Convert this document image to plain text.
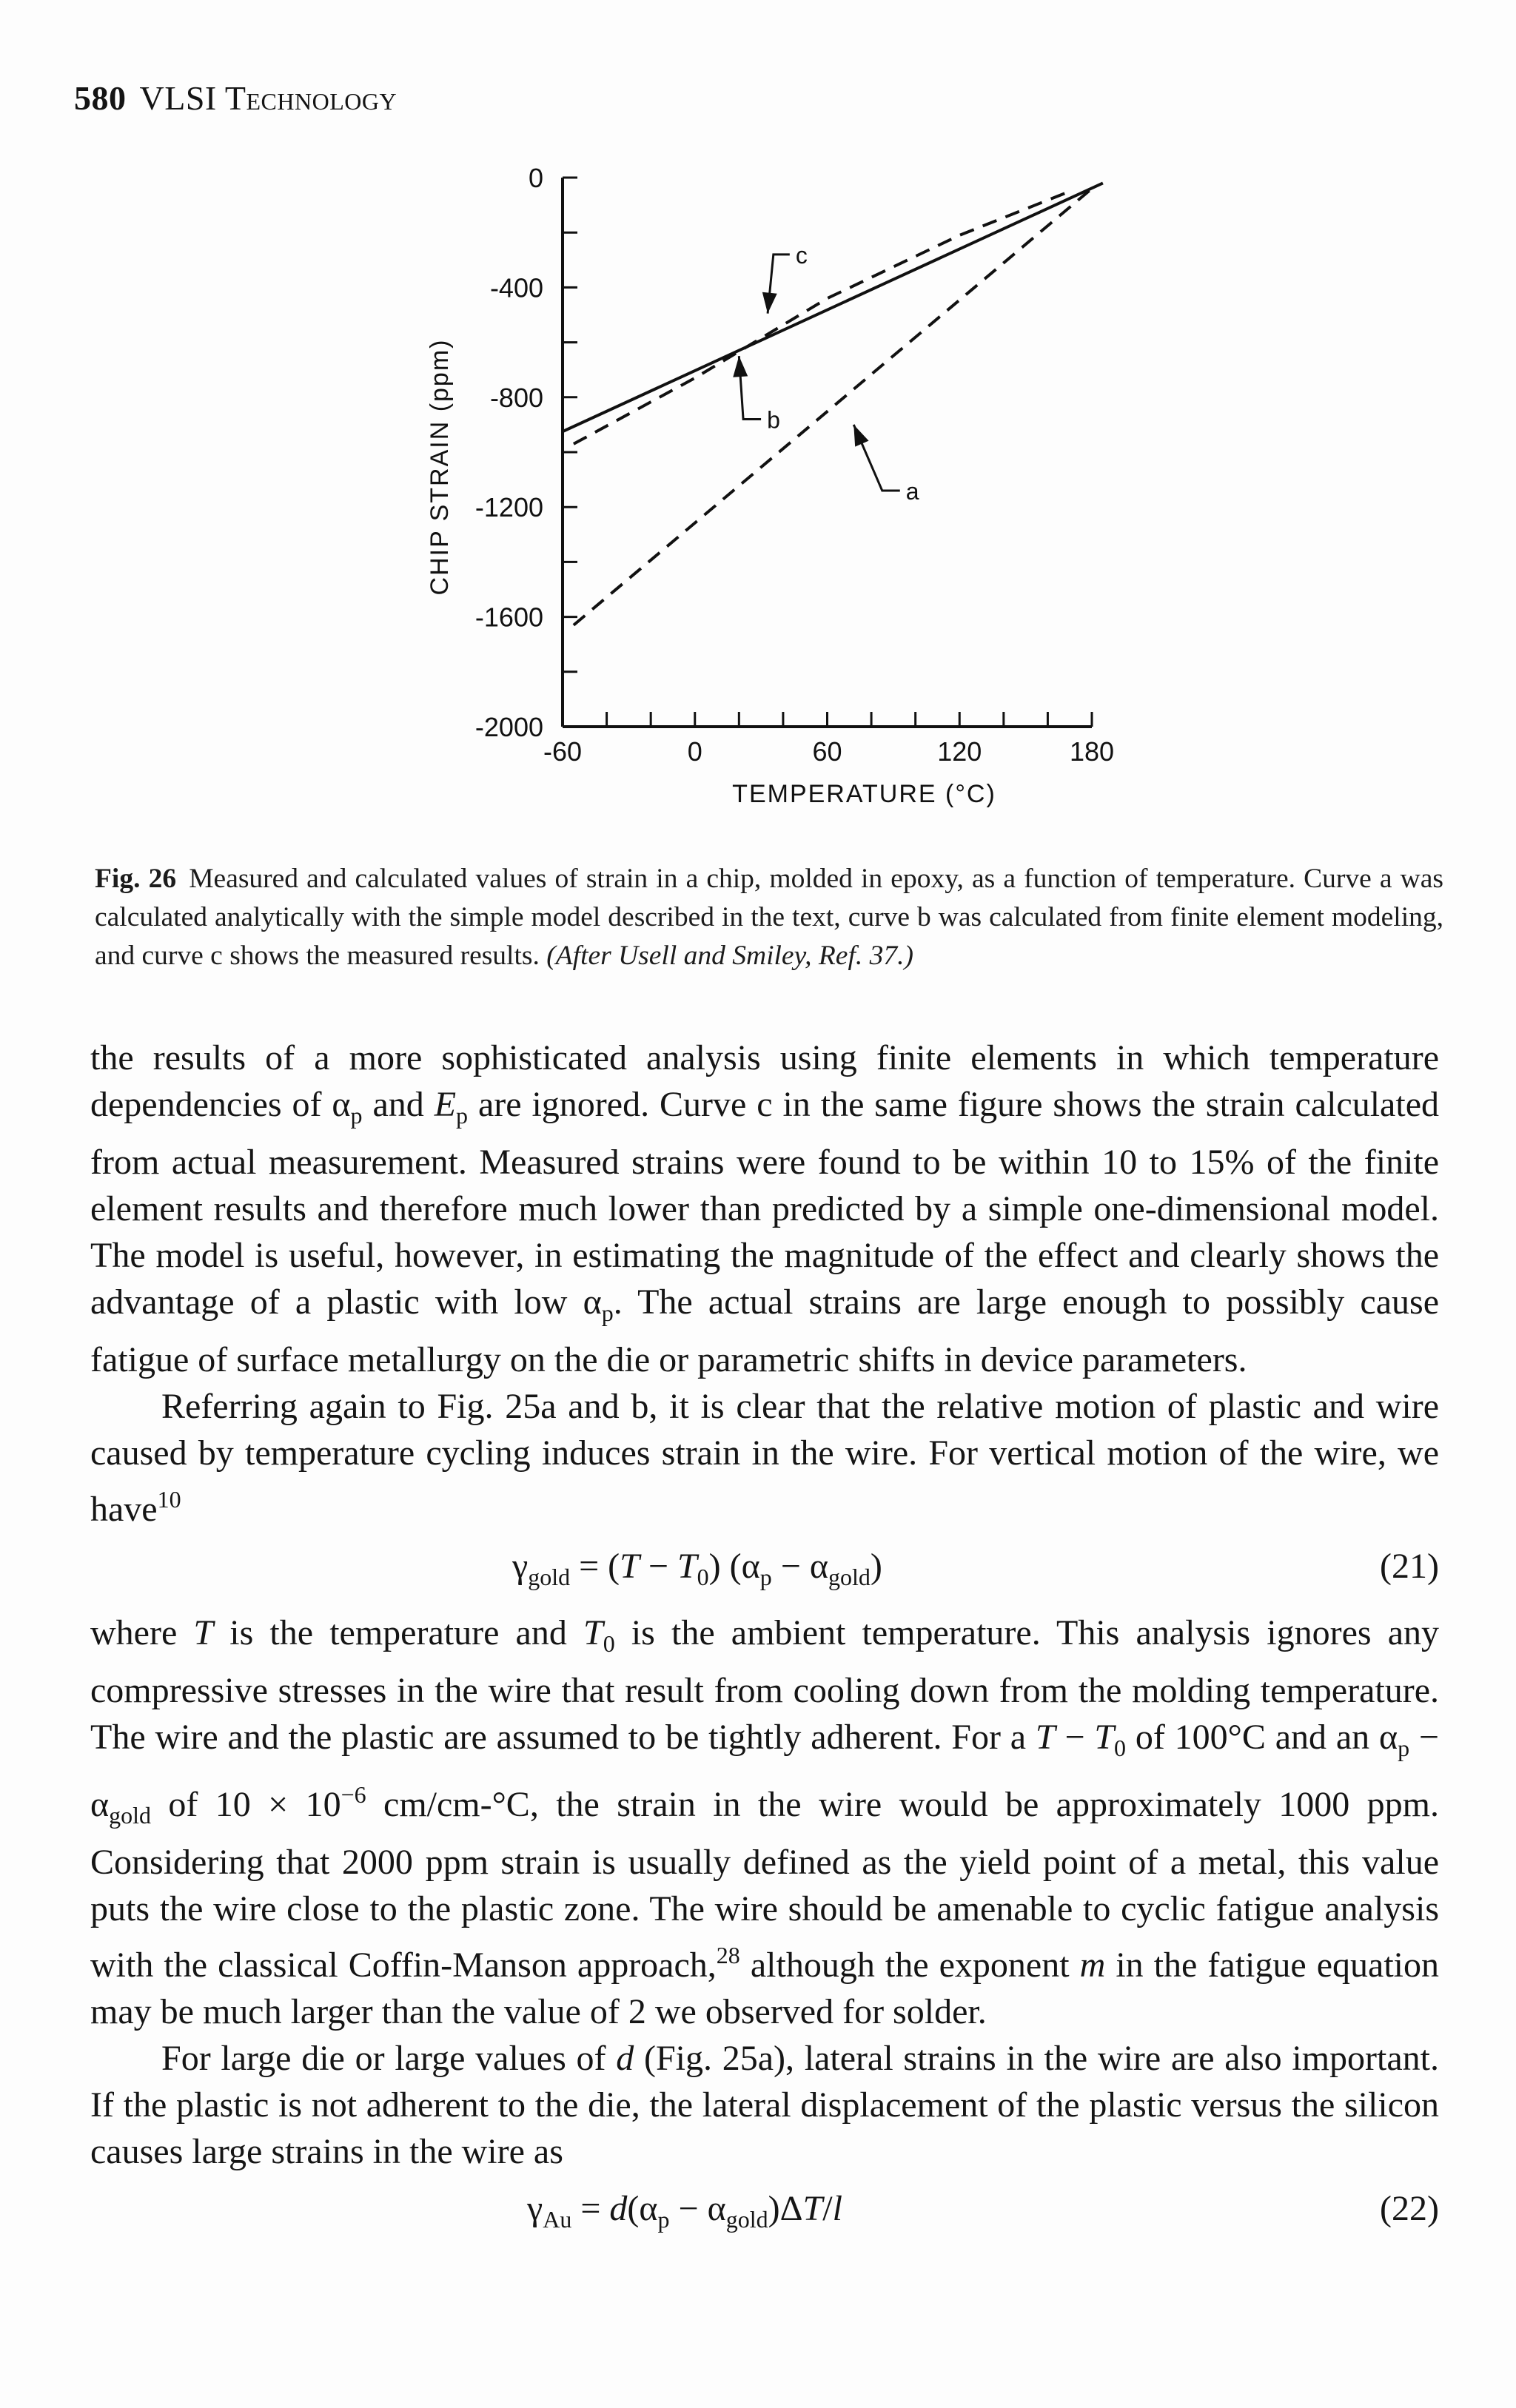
580 VLSI Technology
0
-400
-800
-1200
-1600
-2000
-60	0	60	120	180
TEMPERATURE (°C)
CHIP STRAIN (ppm)	a
b
c
Fig. 26 Measured and calculated values of strain in a chip, molded in epoxy, as a function of temperature. Curve a was calculated analytically with the simple model described in the text, curve b was calculated from finite element modeling, and curve c shows the measured results. (After Usell and Smiley, Ref. 37.)

the results of a more sophisticated analysis using finite elements in which temperature dependencies of $\alpha_p$ and $E_p$ are ignored. Curve c in the same figure shows the strain calculated from actual measurement. Measured strains were found to be within 10 to 15% of the finite element results and therefore much lower than predicted by a simple one-dimensional model. The model is useful, however, in estimating the magnitude of the effect and clearly shows the advantage of a plastic with low $\alpha_p$. The actual strains are large enough to possibly cause fatigue of surface metallurgy on the die or parametric shifts in device parameters.

Referring again to Fig. 25a and b, it is clear that the relative motion of plastic and wire caused by temperature cycling induces strain in the wire. For vertical motion of the wire, we have$^{10}$

$\gamma_{gold} = (T - T_0) (\alpha_p - \alpha_{gold})$	(21)

where T is the temperature and $T_0$ is the ambient temperature. This analysis ignores any compressive stresses in the wire that result from cooling down from the molding temperature. The wire and the plastic are assumed to be tightly adherent. For a $T - T_0$ of 100°C and an $\alpha_p - \alpha_{gold}$ of $10 \times 10^{-6}$ cm/cm-°C, the strain in the wire would be approximately 1000 ppm. Considering that 2000 ppm strain is usually defined as the yield point of a metal, this value puts the wire close to the plastic zone. The wire should be amenable to cyclic fatigue analysis with the classical Coffin-Manson approach,$^{28}$ although the exponent m in the fatigue equation may be much larger than the value of 2 we observed for solder.

For large die or large values of d (Fig. 25a), lateral strains in the wire are also important. If the plastic is not adherent to the die, the lateral displacement of the plastic versus the silicon causes large strains in the wire as

$\gamma_{Au} = d(\alpha_p - \alpha_{gold})\Delta T/l$	(22)
